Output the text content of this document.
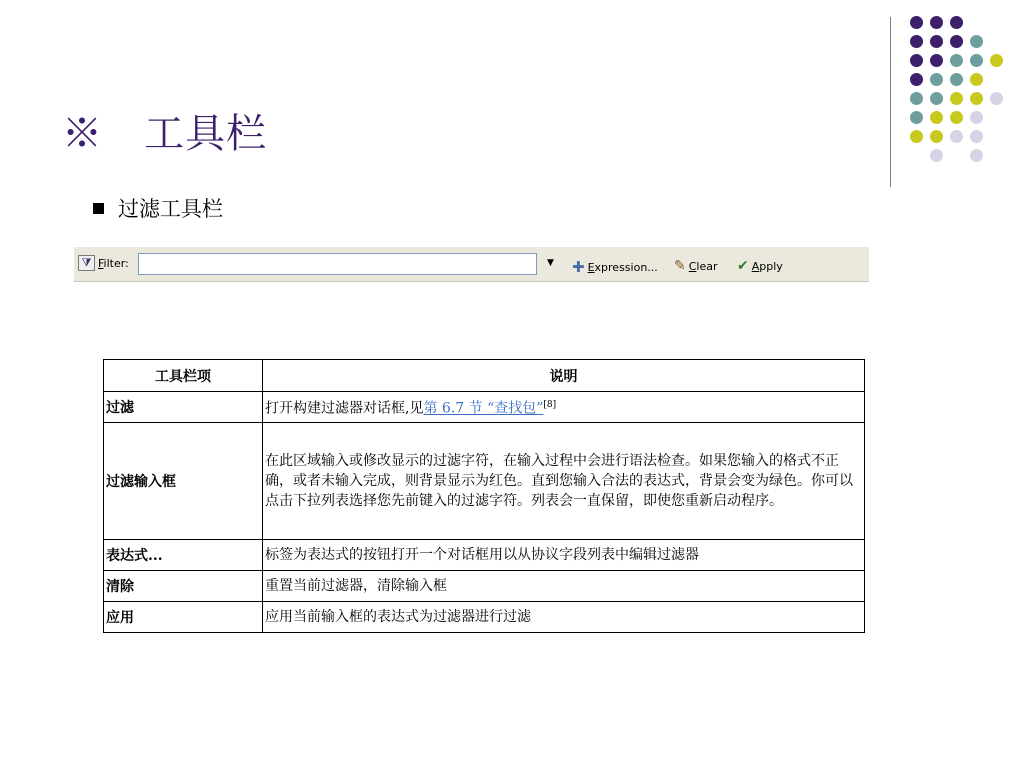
※   工具栏
过滤工具栏
⧩ Filter:	▼ ✚ Expression... ✎ Clear ✔ Apply
工具栏项	说明
过滤	打开构建过滤器对话框,见第 6.7 节 “查找包”[8]
过滤输入框	在此区域输入或修改显示的过滤字符，在输入过程中会进行语法检查。如果您输入的格式不正确，或者未输入完成，则背景显示为红色。直到您输入合法的表达式，背景会变为绿色。你可以点击下拉列表选择您先前键入的过滤字符。列表会一直保留，即使您重新启动程序。
表达式...	标签为表达式的按钮打开一个对话框用以从协议字段列表中编辑过滤器
清除	重置当前过滤器，清除输入框
应用	应用当前输入框的表达式为过滤器进行过滤
